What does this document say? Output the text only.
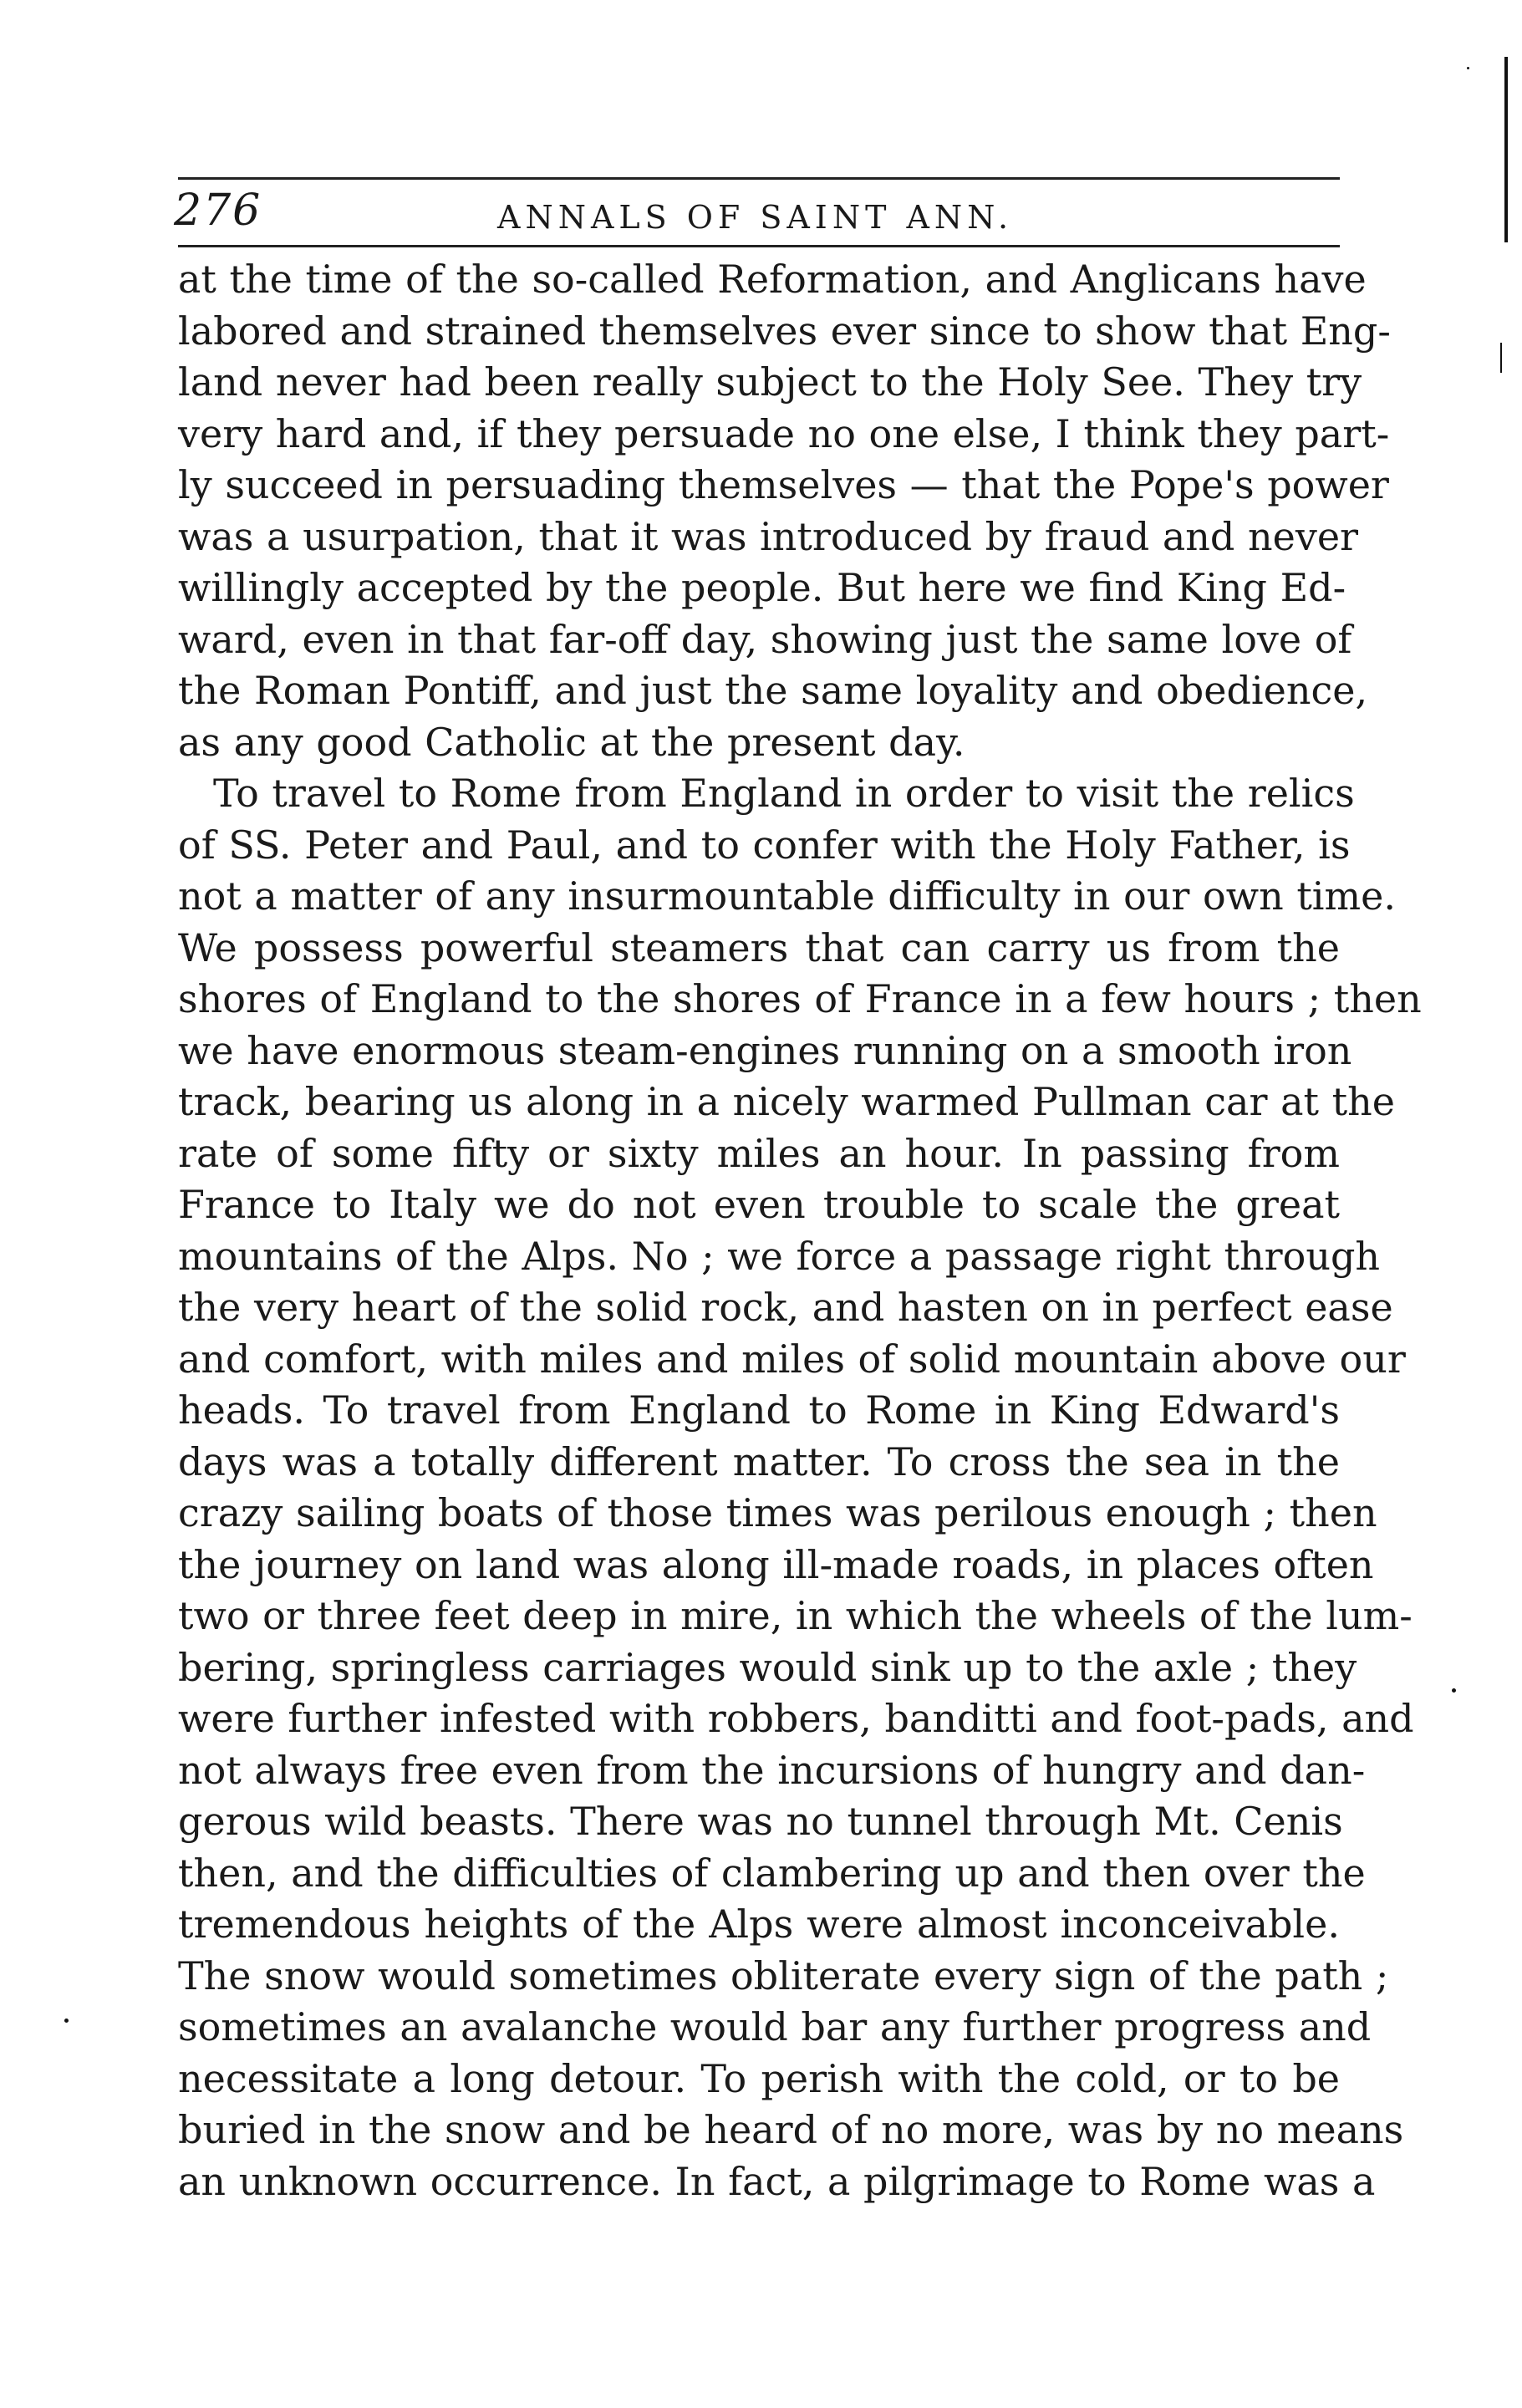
276	ANNALS OF SAINT ANN.
at the time of the so-called Reformation, and Anglicans have
labored and strained themselves ever since to show that Eng-
land never had been really subject to the Holy See. They try
very hard and, if they persuade no one else, I think they part-
ly succeed in persuading themselves — that the Pope's power
was a usurpation, that it was introduced by fraud and never
willingly accepted by the people. But here we find King Ed-
ward, even in that far-off day, showing just the same love of
the Roman Pontiff, and just the same loyality and obedience,
as any good Catholic at the present day.
To travel to Rome from England in order to visit the relics
of SS. Peter and Paul, and to confer with the Holy Father, is
not a matter of any insurmountable difficulty in our own time.
We possess powerful steamers that can carry us from the
shores of England to the shores of France in a few hours ; then
we have enormous steam-engines running on a smooth iron
track, bearing us along in a nicely warmed Pullman car at the
rate of some fifty or sixty miles an hour. In passing from
France to Italy we do not even trouble to scale the great
mountains of the Alps. No ; we force a passage right through
the very heart of the solid rock, and hasten on in perfect ease
and comfort, with miles and miles of solid mountain above our
heads. To travel from England to Rome in King Edward's
days was a totally different matter. To cross the sea in the
crazy sailing boats of those times was perilous enough ; then
the journey on land was along ill-made roads, in places often
two or three feet deep in mire, in which the wheels of the lum-
bering, springless carriages would sink up to the axle ; they
were further infested with robbers, banditti and foot-pads, and
not always free even from the incursions of hungry and dan-
gerous wild beasts. There was no tunnel through Mt. Cenis
then, and the difficulties of clambering up and then over the
tremendous heights of the Alps were almost inconceivable.
The snow would sometimes obliterate every sign of the path ;
sometimes an avalanche would bar any further progress and
necessitate a long detour. To perish with the cold, or to be
buried in the snow and be heard of no more, was by no means
an unknown occurrence. In fact, a pilgrimage to Rome was a
